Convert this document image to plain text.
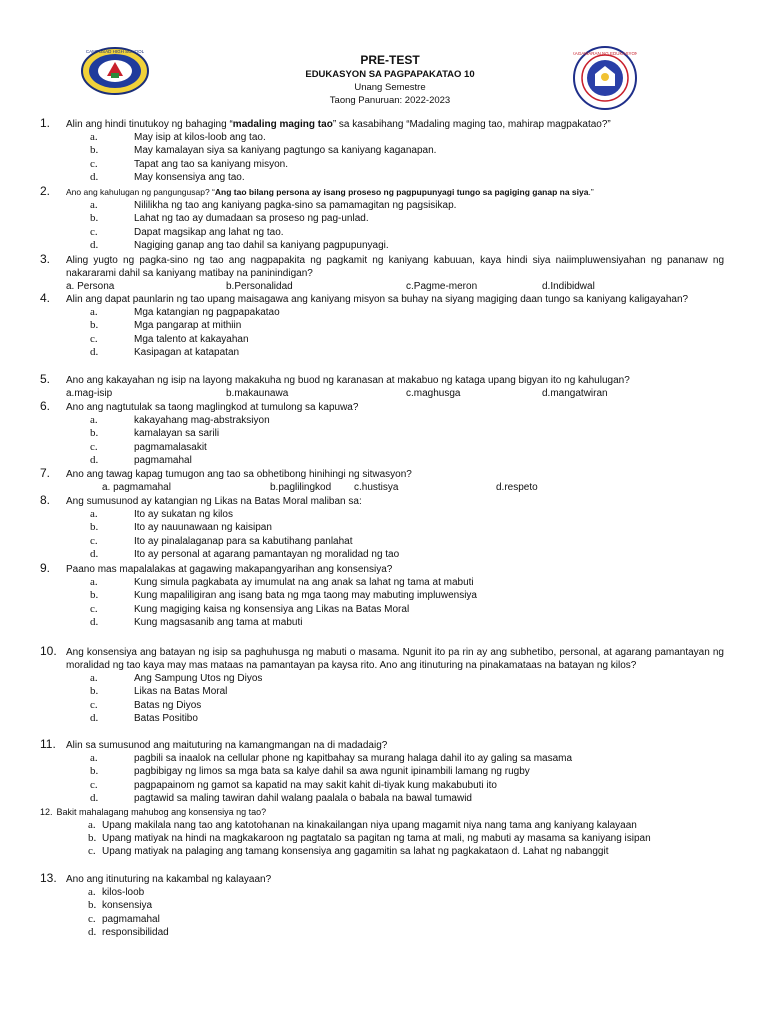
CAMPUSAD HIGH SCHOOL	KAGAWARAN NG EDUKASYON
PRE-TEST
EDUKASYON SA PAGPAPAKATAO 10
Unang Semestre
Taong Panuruan: 2022-2023
1.	Alin ang hindi tinutukoy ng bahaging “madaling maging tao” sa kasabihang “Madaling maging tao, mahirap magpakatao?”
a.	May isip at kilos-loob ang tao.
b.	May kamalayan siya sa kaniyang pagtungo sa kaniyang kaganapan.
c.	Tapat ang tao sa kaniyang misyon.
d.	May konsensiya ang tao.
2.	Ano ang kahulugan ng pangungusap? “Ang tao bilang persona ay isang proseso ng pagpupunyagi tungo sa pagiging ganap na siya.”
a.	Nililikha ng tao ang kaniyang pagka-sino sa pamamagitan ng pagsisikap.
b.	Lahat ng tao ay dumadaan sa proseso ng pag-unlad.
c.	Dapat magsikap ang lahat ng tao.
d.	Nagiging ganap ang tao dahil sa kaniyang pagpupunyagi.
3.	Aling yugto ng pagka-sino ng tao ang nagpapakita ng pagkamit ng kaniyang kabuuan, kaya hindi siya naiimpluwensiyahan ng pananaw ng nakararami dahil sa kaniyang matibay na paninindigan?
a. Persona	b.Personalidad	c.Pagme-meron	d.Indibidwal
4.	Alin ang dapat paunlarin ng tao upang maisagawa ang kaniyang misyon sa buhay na siyang magiging daan tungo sa kaniyang kaligayahan?
a.	Mga katangian ng pagpapakatao
b.	Mga pangarap at mithiin
c.	Mga talento at kakayahan
d.	Kasipagan at katapatan
5.	Ano ang kakayahan ng isip na layong makakuha ng buod ng karanasan at makabuo ng kataga upang bigyan ito ng kahulugan?
a.mag-isip	b.makaunawa	c.maghusga	d.mangatwiran
6.	Ano ang nagtutulak sa taong maglingkod at tumulong sa kapuwa?
a.	kakayahang mag-abstraksiyon
b.	kamalayan sa sarili
c.	pagmamalasakit
d.	pagmamahal
7.	Ano ang tawag kapag tumugon ang tao sa obhetibong hinihingi ng sitwasyon?
a. pagmamahal	b.paglilingkod c.hustisya	d.respeto
8.	Ang sumusunod ay katangian ng Likas na Batas Moral maliban sa:
a.	Ito ay sukatan ng kilos
b.	Ito ay nauunawaan ng kaisipan
c.	Ito ay pinalalaganap para sa kabutihang panlahat
d.	Ito ay personal at agarang pamantayan ng moralidad ng tao
9.	Paano mas mapalalakas at gagawing makapangyarihan ang konsensiya?
a.	Kung simula pagkabata ay imumulat na ang anak sa lahat ng tama at mabuti
b.	Kung mapaliligiran ang isang bata ng mga taong may mabuting impluwensiya
c.	Kung magiging kaisa ng konsensiya ang Likas na Batas Moral
d.	Kung magsasanib ang tama at mabuti
10. Ang konsensiya ang batayan ng isip sa paghuhusga ng mabuti o masama. Ngunit ito pa rin ay ang subhetibo, personal, at agarang pamantayan ng moralidad ng tao kaya may mas mataas na pamantayan pa kaysa rito. Ano ang itinuturing na pinakamataas na batayan ng kilos?
a.	Ang Sampung Utos ng Diyos
b.	Likas na Batas Moral
c.	Batas ng Diyos
d.	Batas Positibo
11.	Alin sa sumusunod ang maituturing na kamangmangan na di madadaig?
a.	pagbili sa inaalok na cellular phone ng kapitbahay sa murang halaga dahil ito ay galing sa masama
b.	pagbibigay ng limos sa mga bata sa kalye dahil sa awa ngunit ipinambili lamang ng rugby
c.	pagpapainom ng gamot sa kapatid na may sakit kahit di-tiyak kung makabubuti ito
d.	pagtawid sa maling tawiran dahil walang paalala o babala na bawal tumawid
12. Bakit mahalagang mahubog ang konsensiya ng tao?
a. Upang makilala nang tao ang katotohanan na kinakailangan niya upang magamit niya nang tama ang kaniyang kalayaan
b. Upang matiyak na hindi na magkakaroon ng pagtatalo sa pagitan ng tama at mali, ng mabuti ay masama sa kaniyang isipan
c. Upang matiyak na palaging ang tamang konsensiya ang gagamitin sa lahat ng pagkakataon d. Lahat ng nabanggit
13. Ano ang itinuturing na kakambal ng kalayaan?
a. kilos-loob
b. konsensiya
c. pagmamahal
d. responsibilidad
